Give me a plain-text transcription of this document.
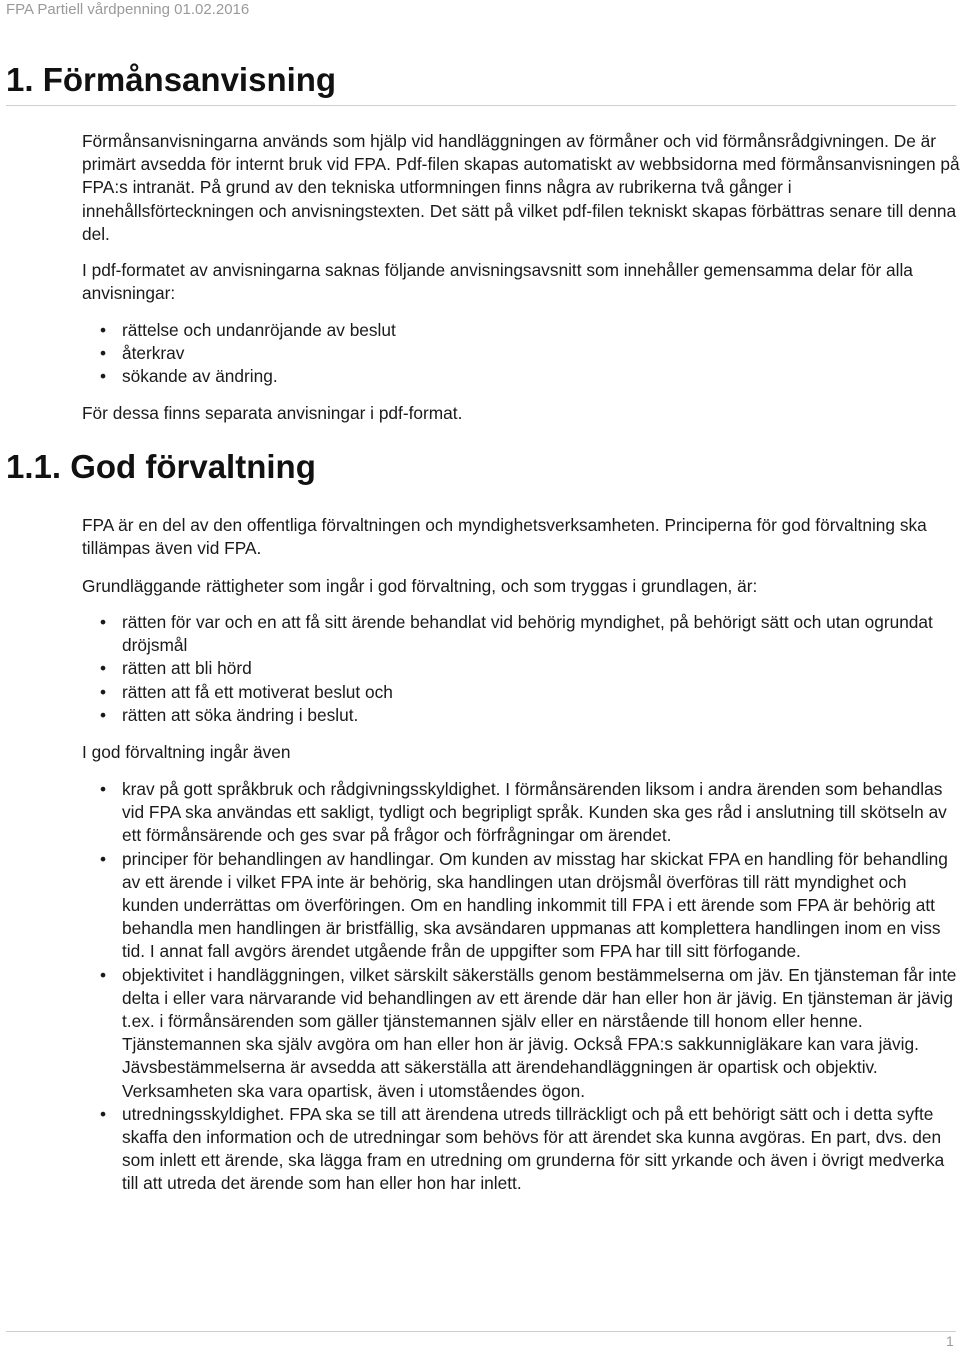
FPA Partiell vårdpenning 01.02.2016
1. Förmånsanvisning

Förmånsanvisningarna används som hjälp vid handläggningen av förmåner och vid förmånsrådgivningen. De är primärt avsedda för internt bruk vid FPA. Pdf-filen skapas automatiskt av webbsidorna med förmånsanvisningen på FPA:s intranät. På grund av den tekniska utformningen finns några av rubrikerna två gånger i innehållsförteckningen och anvisningstexten. Det sätt på vilket pdf-filen tekniskt skapas förbättras senare till denna del.

I pdf-formatet av anvisningarna saknas följande anvisningsavsnitt som innehåller gemensamma delar för alla anvisningar:

• rättelse och undanröjande av beslut
• återkrav
• sökande av ändring.

För dessa finns separata anvisningar i pdf-format.

1.1. God förvaltning

FPA är en del av den offentliga förvaltningen och myndighetsverksamheten. Principerna för god förvaltning ska tillämpas även vid FPA.

Grundläggande rättigheter som ingår i god förvaltning, och som tryggas i grundlagen, är:

• rätten för var och en att få sitt ärende behandlat vid behörig myndighet, på behörigt sätt och utan ogrundat dröjsmål
• rätten att bli hörd
• rätten att få ett motiverat beslut och
• rätten att söka ändring i beslut.

I god förvaltning ingår även

• krav på gott språkbruk och rådgivningsskyldighet. I förmånsärenden liksom i andra ärenden som behandlas vid FPA ska användas ett sakligt, tydligt och begripligt språk. Kunden ska ges råd i anslutning till skötseln av ett förmånsärende och ges svar på frågor och förfrågningar om ärendet.
• principer för behandlingen av handlingar. Om kunden av misstag har skickat FPA en handling för behandling av ett ärende i vilket FPA inte är behörig, ska handlingen utan dröjsmål överföras till rätt myndighet och kunden underrättas om överföringen. Om en handling inkommit till FPA i ett ärende som FPA är behörig att behandla men handlingen är bristfällig, ska avsändaren uppmanas att komplettera handlingen inom en viss tid. I annat fall avgörs ärendet utgående från de uppgifter som FPA har till sitt förfogande.
• objektivitet i handläggningen, vilket särskilt säkerställs genom bestämmelserna om jäv. En tjänsteman får inte delta i eller vara närvarande vid behandlingen av ett ärende där han eller hon är jävig. En tjänsteman är jävig t.ex. i förmånsärenden som gäller tjänstemannen själv eller en närstående till honom eller henne. Tjänstemannen ska själv avgöra om han eller hon är jävig. Också FPA:s sakkunnigläkare kan vara jävig. Jävsbestämmelserna är avsedda att säkerställa att ärendehandläggningen är opartisk och objektiv. Verksamheten ska vara opartisk, även i utomståendes ögon.
• utredningsskyldighet. FPA ska se till att ärendena utreds tillräckligt och på ett behörigt sätt och i detta syfte skaffa den information och de utredningar som behövs för att ärendet ska kunna avgöras. En part, dvs. den som inlett ett ärende, ska lägga fram en utredning om grunderna för sitt yrkande och även i övrigt medverka till att utreda det ärende som han eller hon har inlett.
1
